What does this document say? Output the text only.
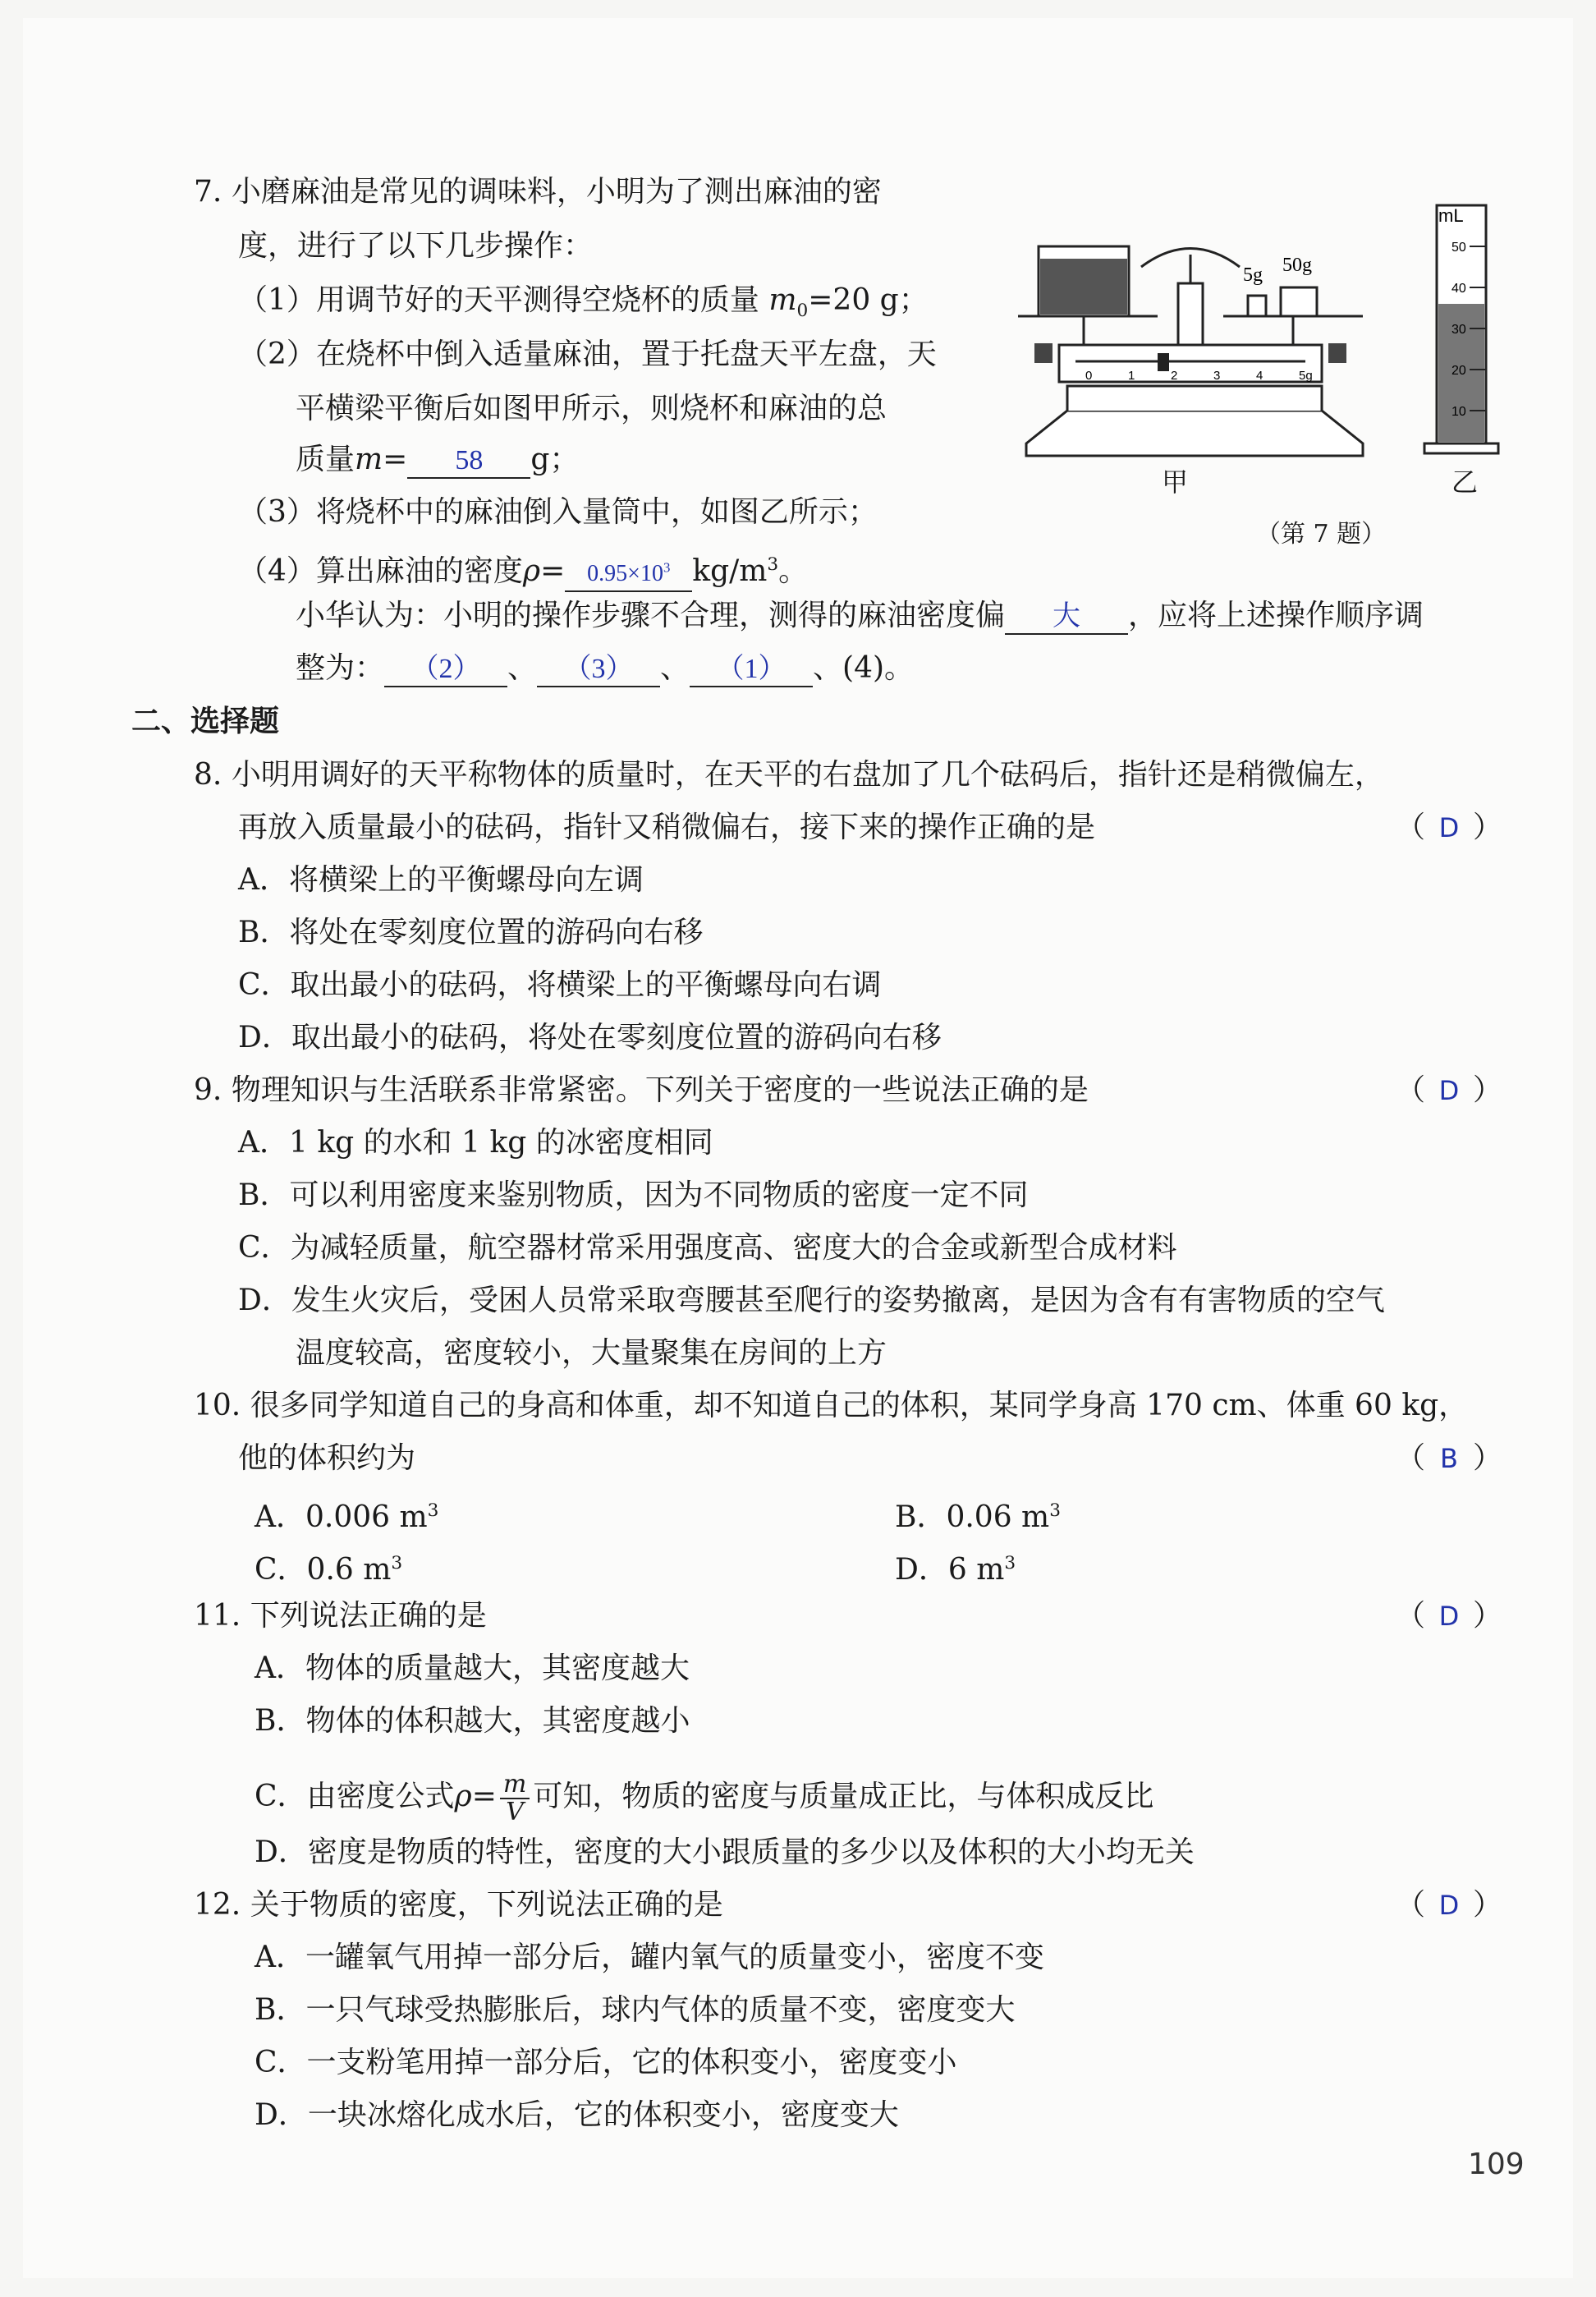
7. 小磨麻油是常见的调味料，小明为了测出麻油的密
度，进行了以下几步操作：
（1）用调节好的天平测得空烧杯的质量 $m_0=20$ g；
（2）在烧杯中倒入适量麻油，置于托盘天平左盘，天
平横梁平衡后如图甲所示，则烧杯和麻油的总
质量m= 58 g；
（3）将烧杯中的麻油倒入量筒中，如图乙所示；
（4）算出麻油的密度$\rho= 0.95\times 10^3$ $kg/m^3$。
小华认为：小明的操作步骤不合理，测得的麻油密度偏 大 ，应将上述操作顺序调
整为： （2） 、 （3） 、 （1） 、(4)。
5g 50g
0	1	2	3	4	5g
mL
50
40
30
20
10
甲	乙
（第 7 题）
二、选择题
8. 小明用调好的天平称物体的质量时，在天平的右盘加了几个砝码后，指针还是稍微偏左，
再放入质量最小的砝码，指针又稍微偏右，接下来的操作正确的是	（ D ）
A．将横梁上的平衡螺母向左调
B．将处在零刻度位置的游码向右移
C．取出最小的砝码，将横梁上的平衡螺母向右调
D．取出最小的砝码，将处在零刻度位置的游码向右移
9. 物理知识与生活联系非常紧密。下列关于密度的一些说法正确的是	（ D ）
A．1 kg 的水和 1 kg 的冰密度相同
B．可以利用密度来鉴别物质，因为不同物质的密度一定不同
C．为减轻质量，航空器材常采用强度高、密度大的合金或新型合成材料
D．发生火灾后，受困人员常采取弯腰甚至爬行的姿势撤离，是因为含有有害物质的空气
温度较高，密度较小，大量聚集在房间的上方
10. 很多同学知道自己的身高和体重，却不知道自己的体积，某同学身高 170 cm、体重 60 kg，
他的体积约为	（ B ）
A．0.006 $m^3$	B．0.06 $m^3$
C．0.6 $m^3$	D．6 $m^3$
11. 下列说法正确的是	（ D ）
A．物体的质量越大，其密度越大
B．物体的体积越大，其密度越小
C．由密度公式$\rho= \frac{m}{V}$ 可知，物质的密度与质量成正比，与体积成反比
D．密度是物质的特性，密度的大小跟质量的多少以及体积的大小均无关
12. 关于物质的密度，下列说法正确的是	（ D ）
A．一罐氧气用掉一部分后，罐内氧气的质量变小，密度不变
B．一只气球受热膨胀后，球内气体的质量不变，密度变大
C．一支粉笔用掉一部分后，它的体积变小，密度变小
D．一块冰熔化成水后，它的体积变小，密度变大
109
